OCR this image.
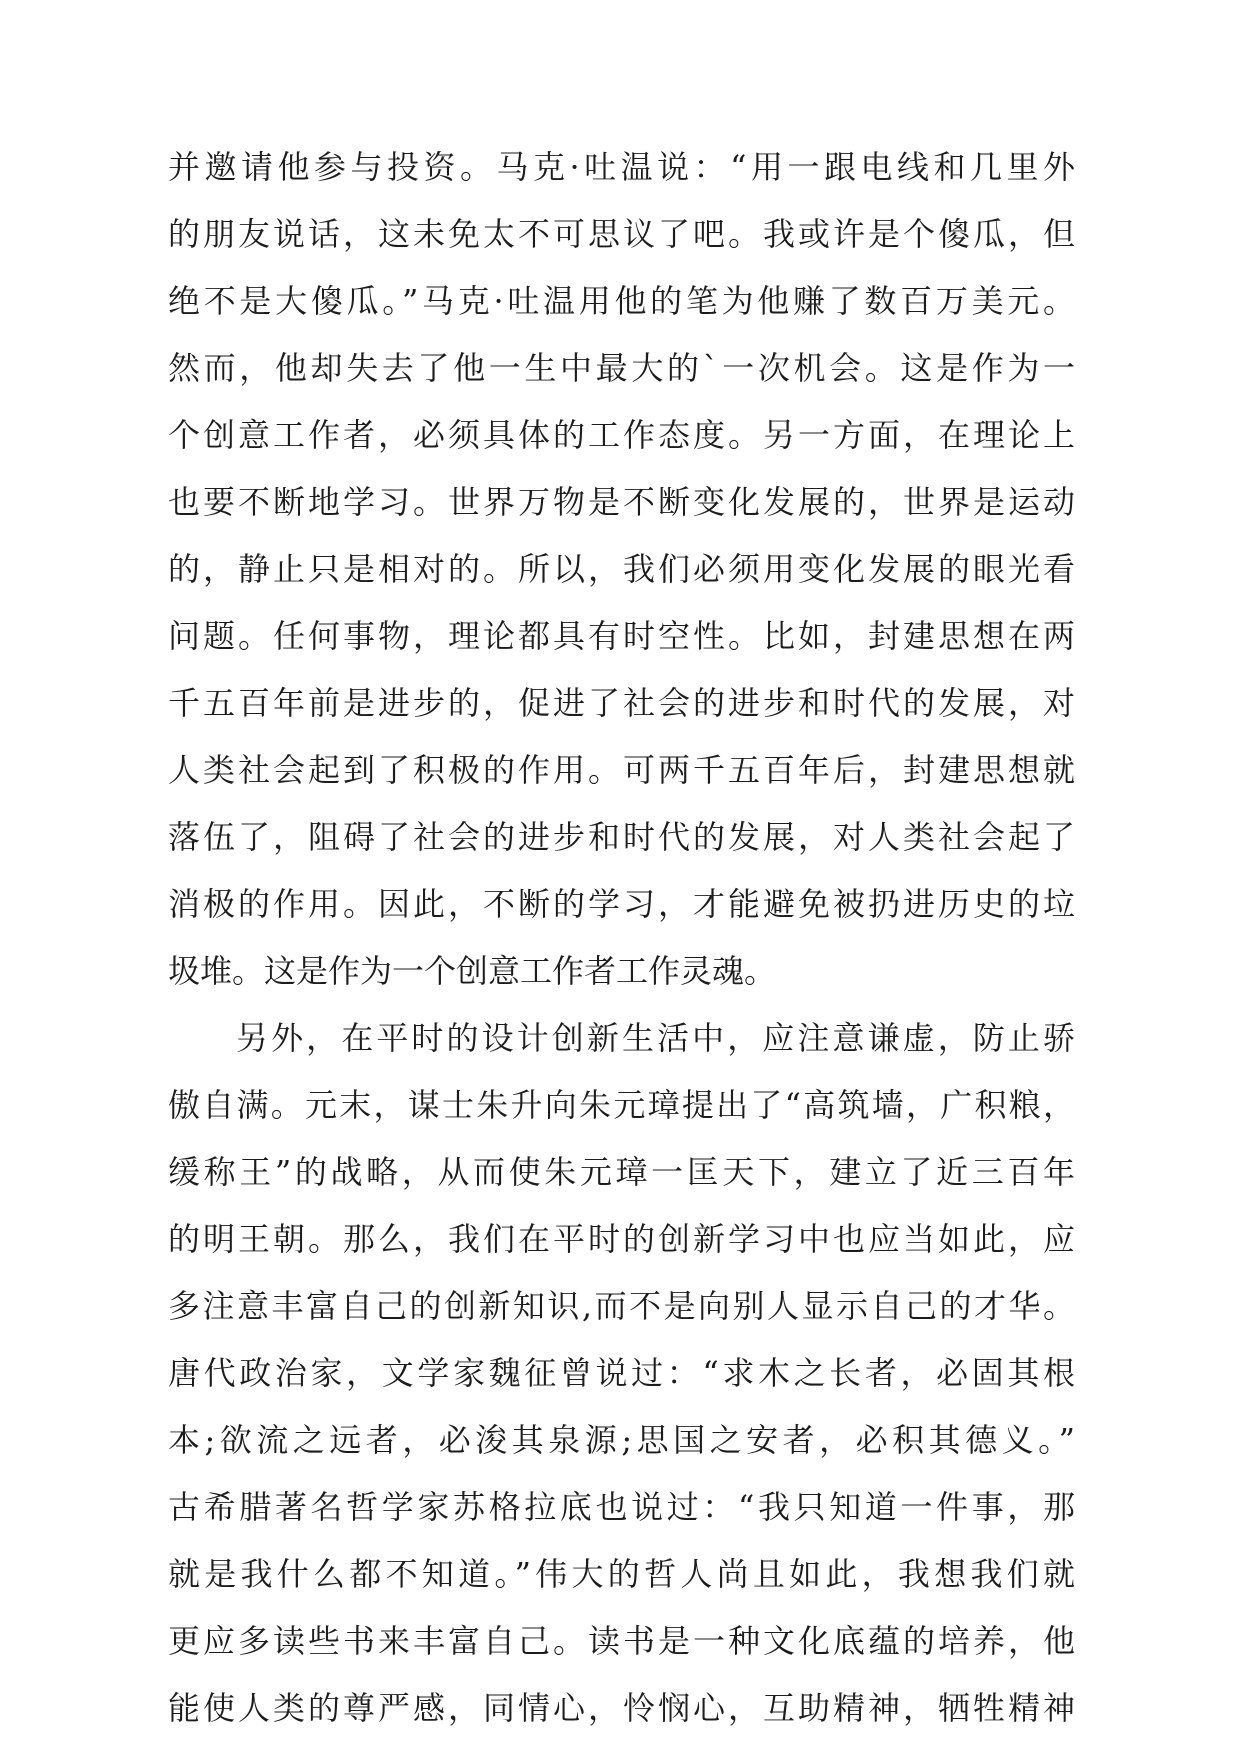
并邀请他参与投资。马克·吐温说：“用一跟电线和几里外
的朋友说话，这未免太不可思议了吧。我或许是个傻瓜，但
绝不是大傻瓜。”马克·吐温用他的笔为他赚了数百万美元。
然而，他却失去了他一生中最大的`一次机会。这是作为一
个创意工作者，必须具体的工作态度。另一方面，在理论上
也要不断地学习。世界万物是不断变化发展的，世界是运动
的，静止只是相对的。所以，我们必须用变化发展的眼光看
问题。任何事物，理论都具有时空性。比如，封建思想在两
千五百年前是进步的，促进了社会的进步和时代的发展，对
人类社会起到了积极的作用。可两千五百年后，封建思想就
落伍了，阻碍了社会的进步和时代的发展，对人类社会起了
消极的作用。因此，不断的学习，才能避免被扔进历史的垃
圾堆。这是作为一个创意工作者工作灵魂。
另外，在平时的设计创新生活中，应注意谦虚，防止骄
傲自满。元末，谋士朱升向朱元璋提出了“高筑墙，广积粮，
缓称王”的战略，从而使朱元璋一匡天下，建立了近三百年
的明王朝。那么，我们在平时的创新学习中也应当如此，应
多注意丰富自己的创新知识,而不是向别人显示自己的才华。
唐代政治家，文学家魏征曾说过：“求木之长者，必固其根
本;欲流之远者，必浚其泉源;思国之安者，必积其德义。”
古希腊著名哲学家苏格拉底也说过：“我只知道一件事，那
就是我什么都不知道。”伟大的哲人尚且如此，我想我们就
更应多读些书来丰富自己。读书是一种文化底蕴的培养，他
能使人类的尊严感，同情心，怜悯心，互助精神，牺牲精神
